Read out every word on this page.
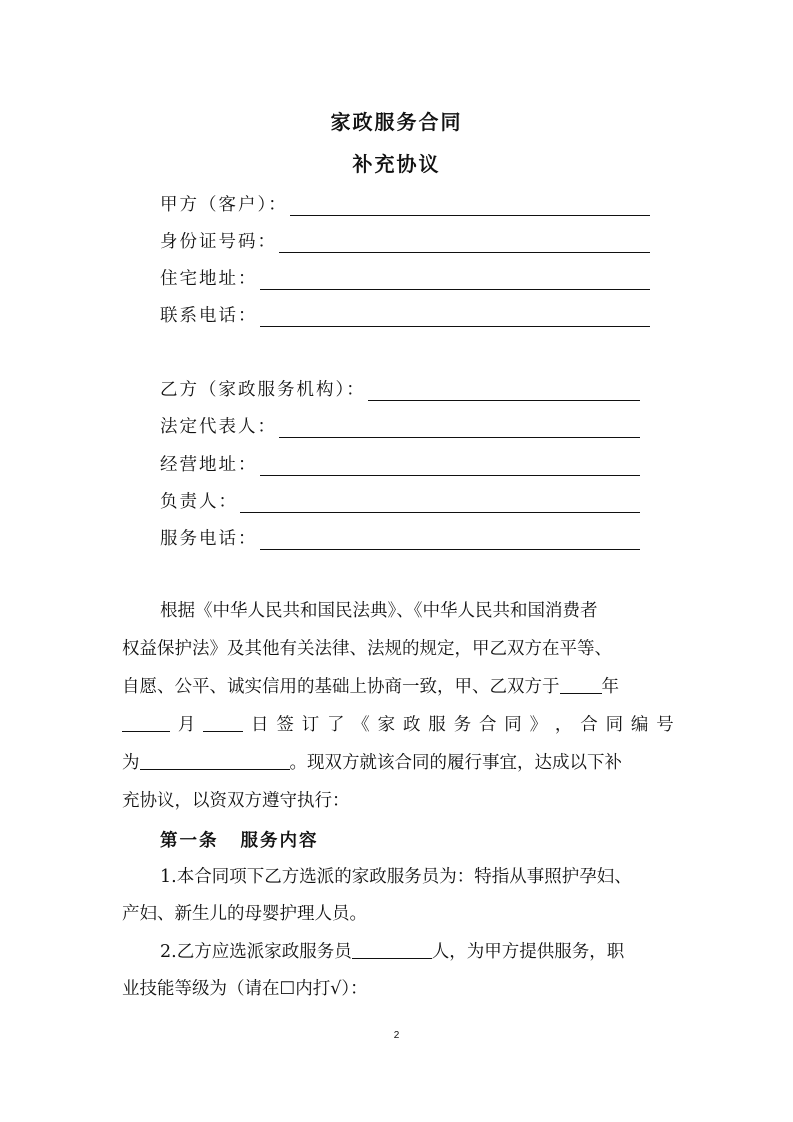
家政服务合同
补充协议
甲方（客户）：
身份证号码：
住宅地址：
联系电话：
乙方（家政服务机构）：
法定代表人：
经营地址：
负责人：
服务电话：
根据《中华人民共和国民法典》、《中华人民共和国消费者
权益保护法》及其他有关法律、法规的规定，甲乙双方在平等、
自愿、公平、诚实信用的基础上协商一致，甲、乙双方于 年
月	日 签 订 了 《 家 政 服 务 合 同 》 ， 合 同 编 号
为	。现双方就该合同的履行事宜，达成以下补
充协议，以资双方遵守执行：
第一条 服务内容
1.本合同项下乙方选派的家政服务员为：特指从事照护孕妇、
产妇、新生儿的母婴护理人员。
2.乙方应选派家政服务员	人，为甲方提供服务，职
业技能等级为（请在☐内打√）：
2
